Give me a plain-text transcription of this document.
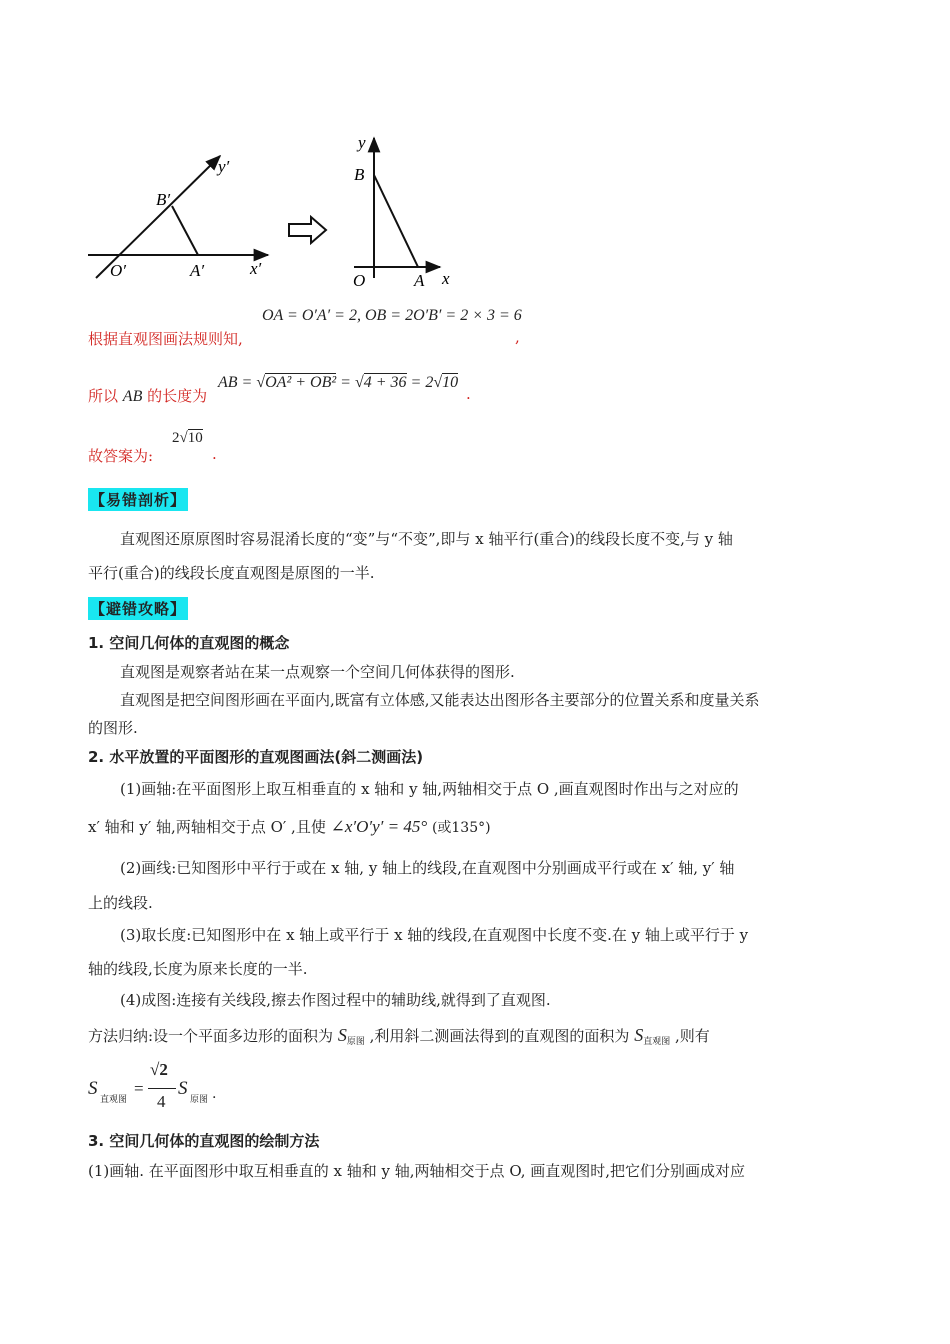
y′
B′
O′	A′	x′
y
B
O	A x
根据直观图画法规则知,
OA = O′A′ = 2, OB = 2O′B′ = 2 × 3 = 6
,
所以 AB 的长度为
AB = √OA² + OB² = √4 + 36 = 2√10
.
故答案为:
2√10
.
【易错剖析】
直观图还原原图时容易混淆长度的“变”与“不变”,即与 x 轴平行(重合)的线段长度不变,与 y 轴
平行(重合)的线段长度直观图是原图的一半.
【避错攻略】
1. 空间几何体的直观图的概念
直观图是观察者站在某一点观察一个空间几何体获得的图形.
直观图是把空间图形画在平面内,既富有立体感,又能表达出图形各主要部分的位置关系和度量关系
的图形.
2. 水平放置的平面图形的直观图画法(斜二测画法)
(1)画轴:在平面图形上取互相垂直的 x 轴和 y 轴,两轴相交于点 O ,画直观图时作出与之对应的
x′ 轴和 y′ 轴,两轴相交于点 O′ ,且使 ∠x′O′y′ = 45° (或135°)
(2)画线:已知图形中平行于或在 x 轴, y 轴上的线段,在直观图中分别画成平行或在 x′ 轴, y′ 轴
上的线段.
(3)取长度:已知图形中在 x 轴上或平行于 x 轴的线段,在直观图中长度不变.在 y 轴上或平行于 y
轴的线段,长度为原来长度的一半.
(4)成图:连接有关线段,擦去作图过程中的辅助线,就得到了直观图.
方法归纳:设一个平面多边形的面积为 $S_{原图}$ ,利用斜二测画法得到的直观图的面积为 $S_{直观图}$ ,则有
S
直观图
=
√2
4
S
原图 .
3. 空间几何体的直观图的绘制方法
(1)画轴. 在平面图形中取互相垂直的 x 轴和 y 轴,两轴相交于点 O, 画直观图时,把它们分别画成对应
